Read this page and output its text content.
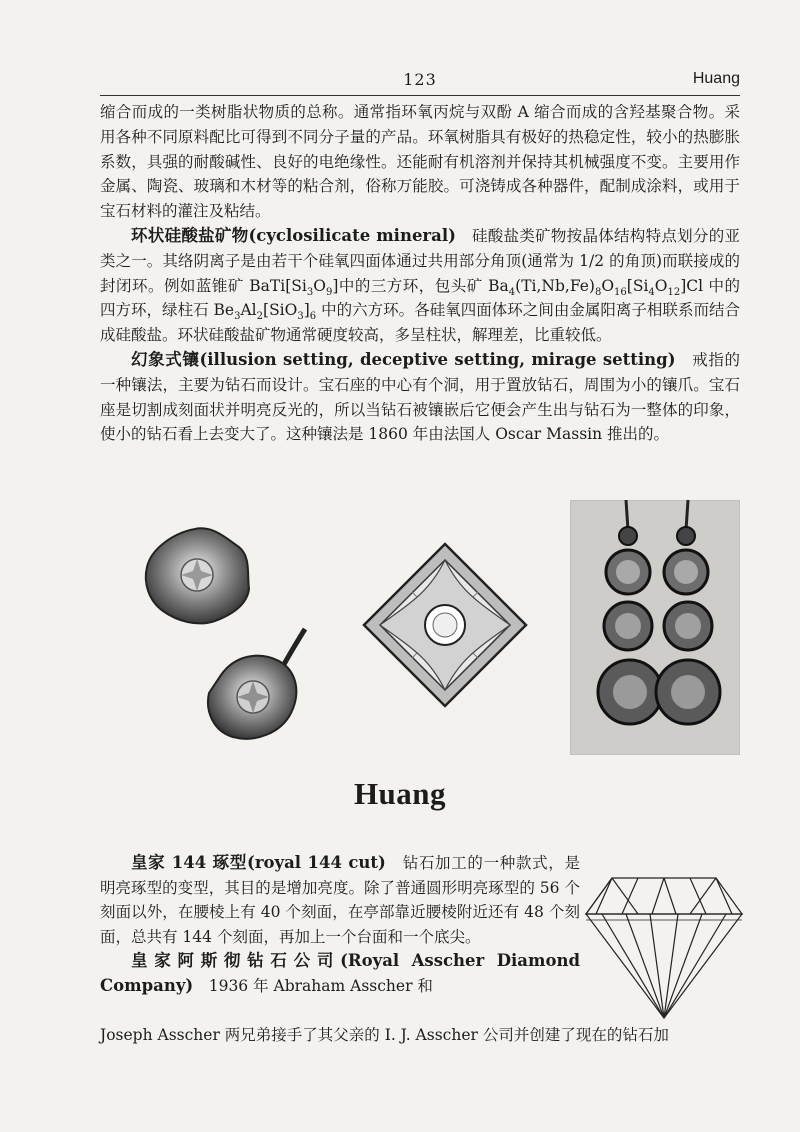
123	Huang

缩合而成的一类树脂状物质的总称。通常指环氧丙烷与双酚 A 缩合而成的含羟基聚合物。采用各种不同原料配比可得到不同分子量的产品。环氧树脂具有极好的热稳定性，较小的热膨胀系数，具强的耐酸碱性、良好的电绝缘性。还能耐有机溶剂并保持其机械强度不变。主要用作金属、陶瓷、玻璃和木材等的粘合剂，俗称万能胶。可浇铸成各种器件，配制成涂料，或用于宝石材料的灌注及粘结。

环状硅酸盐矿物(cyclosilicate mineral)　硅酸盐类矿物按晶体结构特点划分的亚类之一。其络阴离子是由若干个硅氧四面体通过共用部分角顶(通常为 1/2 的角顶)而联接成的封闭环。例如蓝锥矿 $BaTi[Si_3O_9]$中的三方环，包头矿 $Ba_4(Ti,Nb,Fe)_8O_{16}[Si_4O_{12}]Cl$ 中的四方环，绿柱石 $Be_3Al_2[SiO_3]_6$ 中的六方环。各硅氧四面体环之间由金属阳离子相联系而结合成硅酸盐。环状硅酸盐矿物通常硬度较高，多呈柱状，解理差，比重较低。

幻象式镶(illusion setting, deceptive setting, mirage setting)　戒指的一种镶法，主要为钻石而设计。宝石座的中心有个洞，用于置放钻石，周围为小的镶爪。宝石座是切割成刻面状并明亮反光的，所以当钻石被镶嵌后它便会产生出与钻石为一整体的印象，使小的钻石看上去变大了。这种镶法是 1860 年由法国人 Oscar Massin 推出的。

Huang

皇家 144 琢型(royal 144 cut)　钻石加工的一种款式，是明亮琢型的变型，其目的是增加亮度。除了普通圆形明亮琢型的 56 个刻面以外，在腰棱上有 40 个刻面，在亭部靠近腰棱附近还有 48 个刻面，总共有 144 个刻面，再加上一个台面和一个底尖。

皇家阿斯彻钻石公司(Royal Asscher Diamond Company)　1936 年 Abraham Asscher 和

Joseph Asscher 两兄弟接手了其父亲的 I. J. Asscher 公司并创建了现在的钻石加
